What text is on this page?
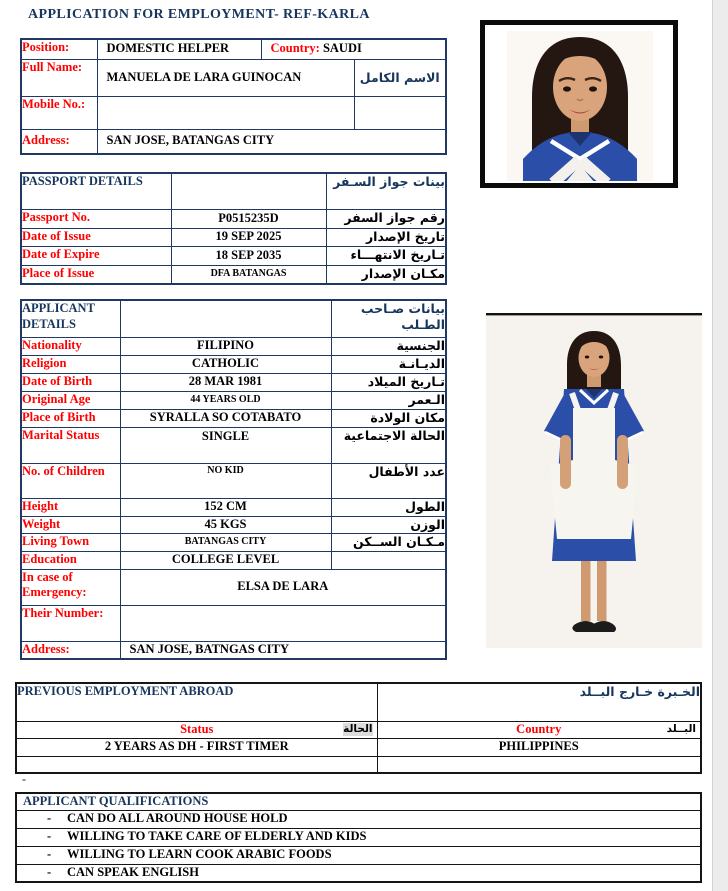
APPLICATION FOR EMPLOYMENT- REF-KARLA
Position:	DOMESTIC HELPER	Country: SAUDI	
Full Name:	MANUELA DE LARA GUINOCAN		الاسم الكامل
Mobile No.:			
Address:	SAN JOSE, BATANGAS CITY		
PASSPORT DETAILS		بينات جواز السـفر
Passport No.	P0515235D	رقم جواز السفر
Date of Issue	19 SEP 2025	تاريخ الإصدار
Date of Expire	18 SEP 2035	تـاريخ الانتهـــاء
Place of Issue	DFA BATANGAS	مكـان الإصدار
APPLICANT DETAILS		بيانات صـاحب الطـلب
Nationality	FILIPINO	الجنسية
Religion	CATHOLIC	الديـانـة
Date of Birth	28 MAR 1981	تـاريخ الميلاد
Original Age	44 YEARS OLD	الـعمر
Place of Birth	SYRALLA SO COTABATO	مكان الولادة
Marital Status	SINGLE	الحالة الاجتماعية
No. of Children	NO KID	عدد الأطفال
Height	152 CM	الطول
Weight	45 KGS	الوزن
Living Town	BATANGAS CITY	مـكـان الســكن
Education	COLLEGE LEVEL	
In case of Emergency:	ELSA DE LARA	
Their Number:		
Address:	SAN JOSE, BATNGAS CITY	
PREVIOUS EMPLOYMENT ABROAD	الخـبرة خـارج البــلد
Status الحالة	Country البــلد

2 YEARS AS DH - FIRST TIMER	PHILIPPINES

-
APPLICANT QUALIFICATIONS
- CAN DO ALL AROUND HOUSE HOLD
- WILLING TO TAKE CARE OF ELDERLY AND KIDS
- WILLING TO LEARN COOK ARABIC FOODS
- CAN SPEAK ENGLISH
